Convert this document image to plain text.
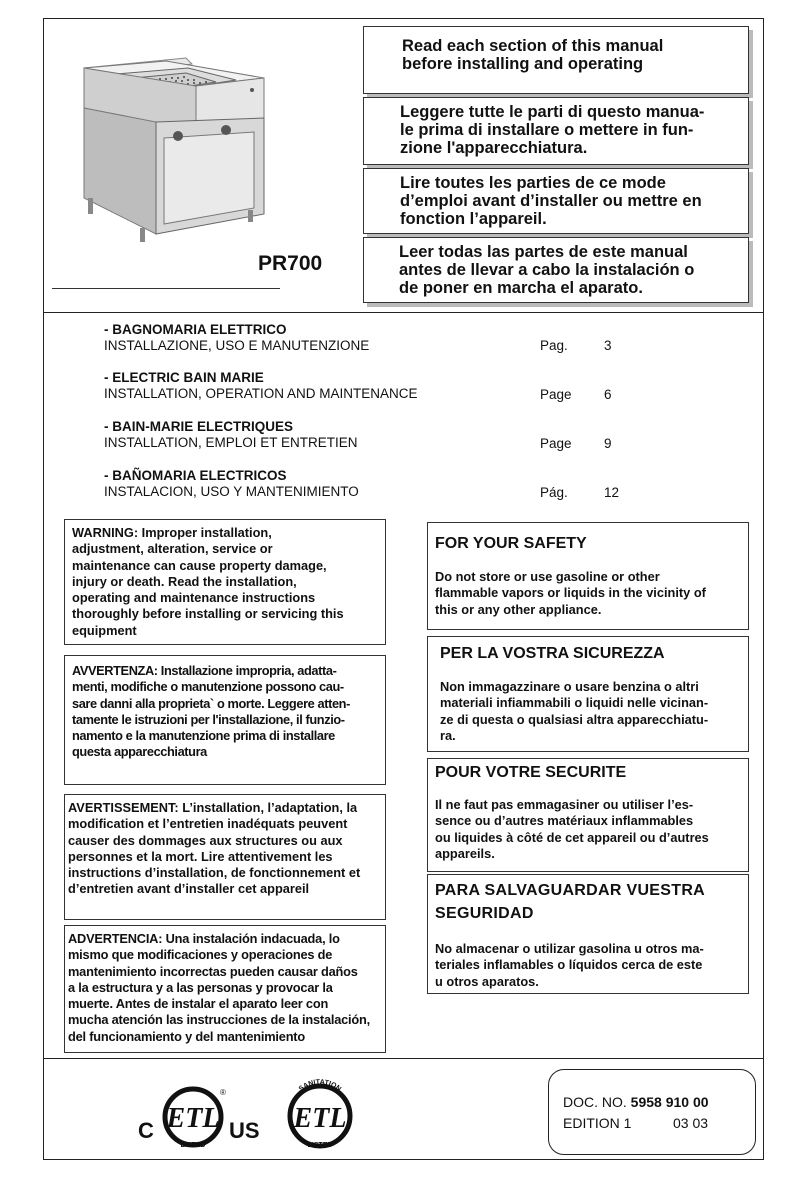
PR700
Read each section of this manual
before installing and operating
Leggere tutte le parti di questo manua-
le prima di installare o mettere in fun-
zione l'apparecchiatura.
Lire toutes les parties de ce mode
d’emploi avant d’installer ou mettre en
fonction l’appareil.
Leer todas las partes de este manual
antes de llevar a cabo la instalación o
de poner en marcha el aparato.
- BAGNOMARIA ELETTRICO
INSTALLAZIONE, USO E MANUTENZIONE	Pag.	3
- ELECTRIC BAIN MARIE
INSTALLATION, OPERATION AND MAINTENANCE	Page 6
- BAIN-MARIE ELECTRIQUES
INSTALLATION, EMPLOI ET ENTRETIEN	Page 9
- BAÑOMARIA ELECTRICOS
INSTALACION, USO Y MANTENIMIENTO	Pág.	12
WARNING: Improper installation,
adjustment, alteration, service or
maintenance can cause property damage,
injury or death. Read the installation,
operating and maintenance instructions
thoroughly before installing or servicing this
equipment
AVVERTENZA: Installazione impropria, adatta-
menti, modifiche o manutenzione possono cau-
sare danni alla proprieta` o morte. Leggere atten-
tamente le istruzioni per l'installazione, il funzio-
namento e la manutenzione prima di installare
questa apparecchiatura
AVERTISSEMENT: L’installation, l’adaptation, la
modification et l’entretien inadéquats peuvent
causer des dommages aux structures ou aux
personnes et la mort. Lire attentivement les
instructions d’installation, de fonctionnement et
d’entretien avant d’installer cet appareil
ADVERTENCIA: Una instalación indacuada, lo
mismo que modificaciones y operaciones de
mantenimiento incorrectas pueden causar daños
a la estructura y a las personas y provocar la
muerte. Antes de instalar el aparato leer con
mucha atención las instrucciones de la instalación,
del funcionamiento y del mantenimiento
FOR YOUR SAFETY
Do not store or use gasoline or other
flammable vapors or liquids in the vicinity of
this or any other appliance.
PER LA VOSTRA SICUREZZA
Non immagazzinare o usare benzina o altri
materiali infiammabili o liquidi nelle vicinan-
ze di questa o qualsiasi altra apparecchiatu-
ra.
POUR VOTRE SECURITE
Il ne faut pas emmagasiner ou utiliser l’es-
sence ou d’autres matériaux inflammables
ou liquides à côté de cet appareil ou d’autres
appareils.
PARA SALVAGUARDAR VUESTRA
SEGURIDAD
No almacenar o utilizar gasolina u otros ma-
teriales inflamables o líquidos cerca de este
u otros aparatos.
C ETL
LISTED
®
US
SANITATION
ETL
LISTED
DOC. NO. 5958 910 00
EDITION 1	03 03
